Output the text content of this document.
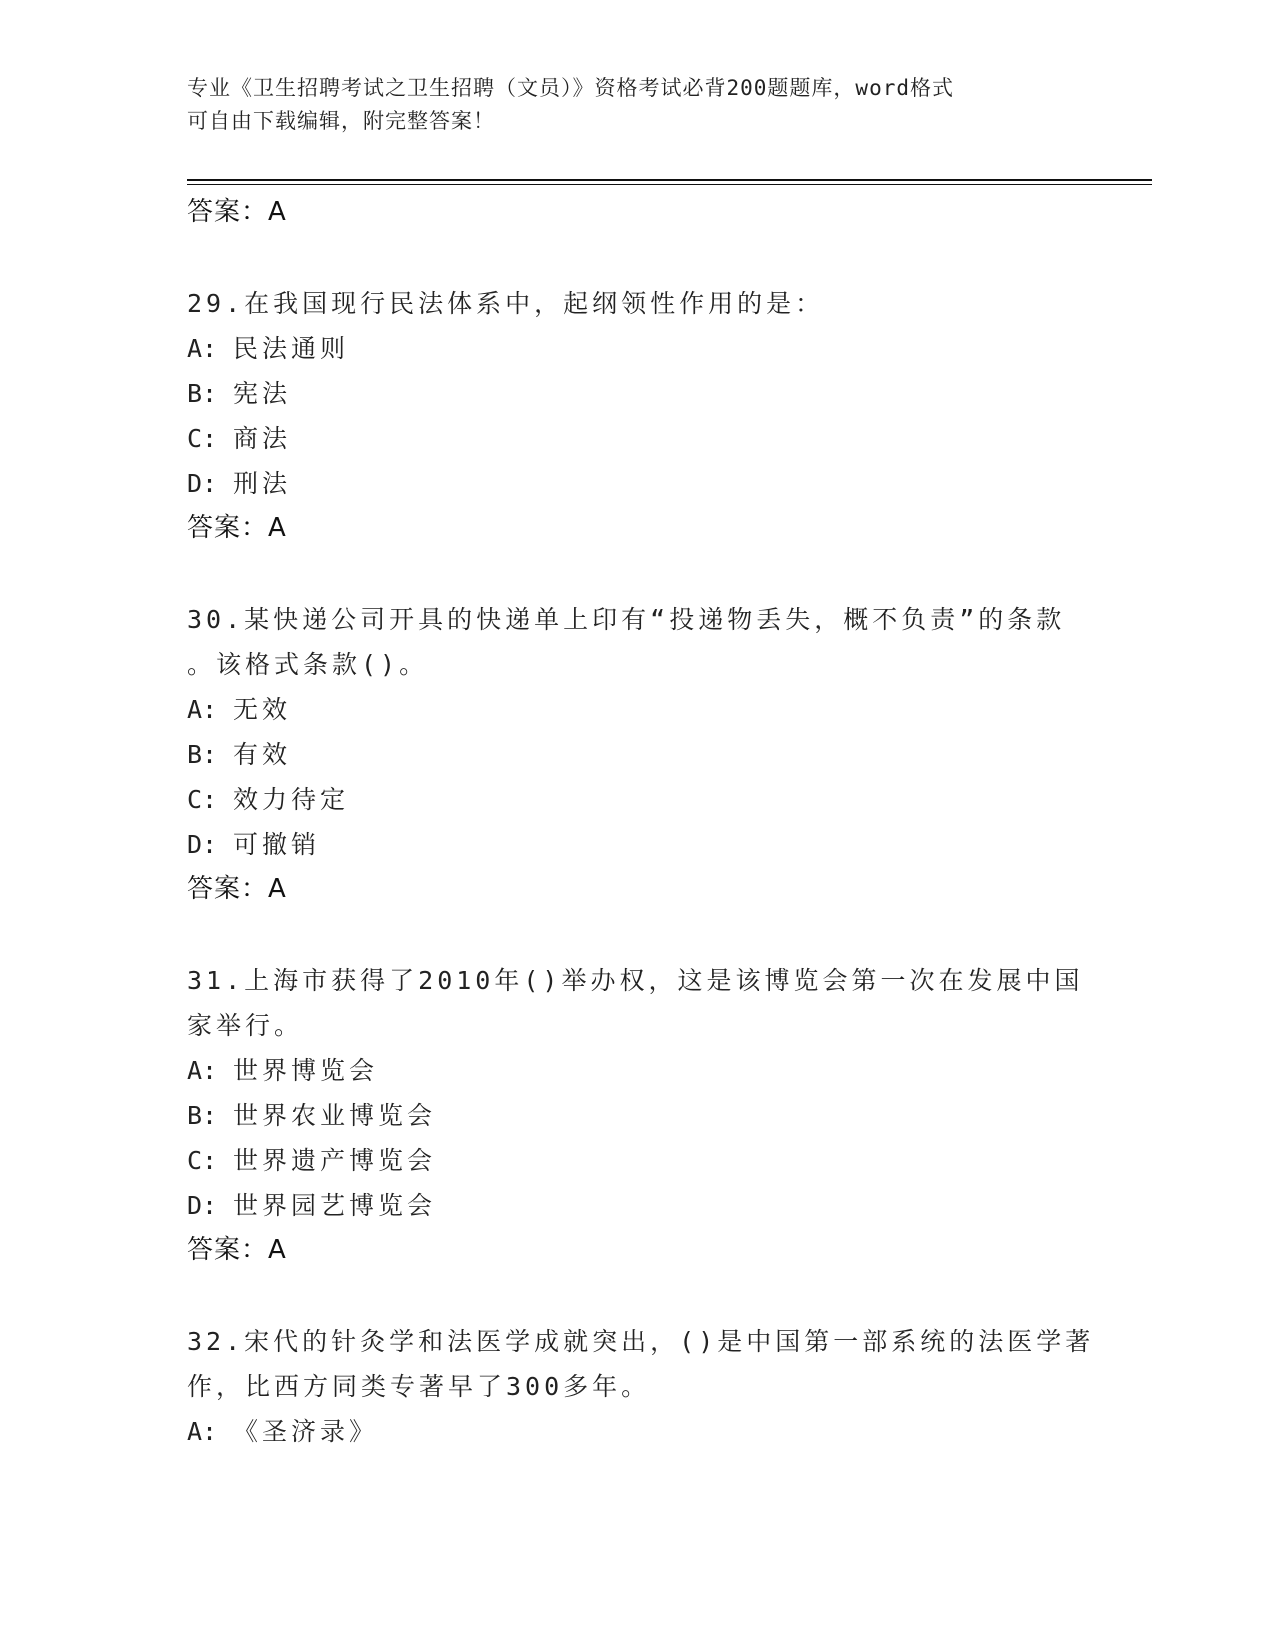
专业《卫生招聘考试之卫生招聘（文员）》资格考试必背200题题库，word格式
可自由下载编辑，附完整答案！
答案：A
29.在我国现行民法体系中，起纲领性作用的是：
A: 民法通则
B: 宪法
C: 商法
D: 刑法
答案：A
30.某快递公司开具的快递单上印有“投递物丢失，概不负责”的条款
。该格式条款()。
A: 无效
B: 有效
C: 效力待定
D: 可撤销
答案：A
31.上海市获得了2010年()举办权，这是该博览会第一次在发展中国
家举行。
A: 世界博览会
B: 世界农业博览会
C: 世界遗产博览会
D: 世界园艺博览会
答案：A
32.宋代的针灸学和法医学成就突出，()是中国第一部系统的法医学著
作，比西方同类专著早了300多年。
A: 《圣济录》
